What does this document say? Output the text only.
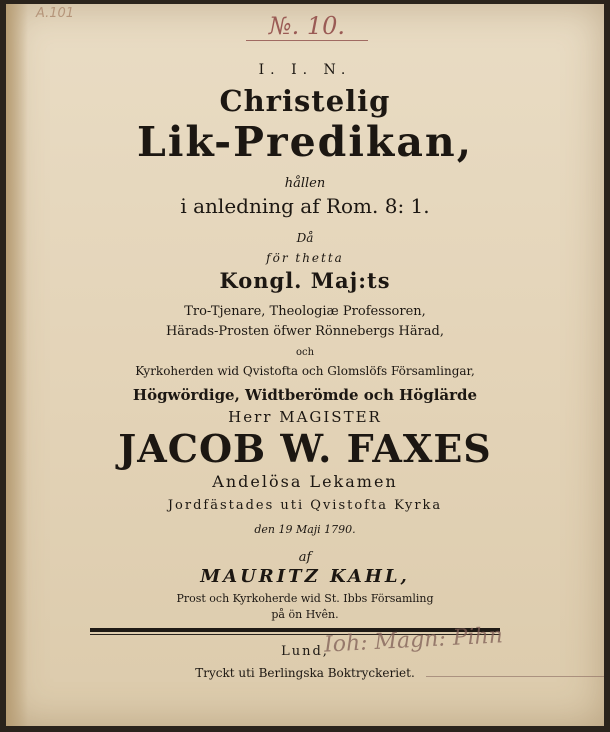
A.101	№. 10.
I. I. N.
Christelig
Lik-Predikan,
hållen
i anledning af Rom. 8: 1.
Då
för thetta
Kongl. Maj:ts
Tro-Tjenare, Theologiæ Professoren,
Härads-Prosten öfwer Rönnebergs Härad,
och
Kyrkoherden wid Qvistofta och Glomslöfs Församlingar,
Högwördige, Widtberömde och Höglärde
Herr MAGISTER
JACOB W. FAXES
Andelösa Lekamen
Jordfästades uti Qvistofta Kyrka
den 19 Maji 1790.
af
MAURITZ KAHL,
Prost och Kyrkoherde wid St. Ibbs Församling
på ön Hvên.
Lund,
Tryckt uti Berlingska Boktryckeriet.
Ioh: Magn: Pihn
